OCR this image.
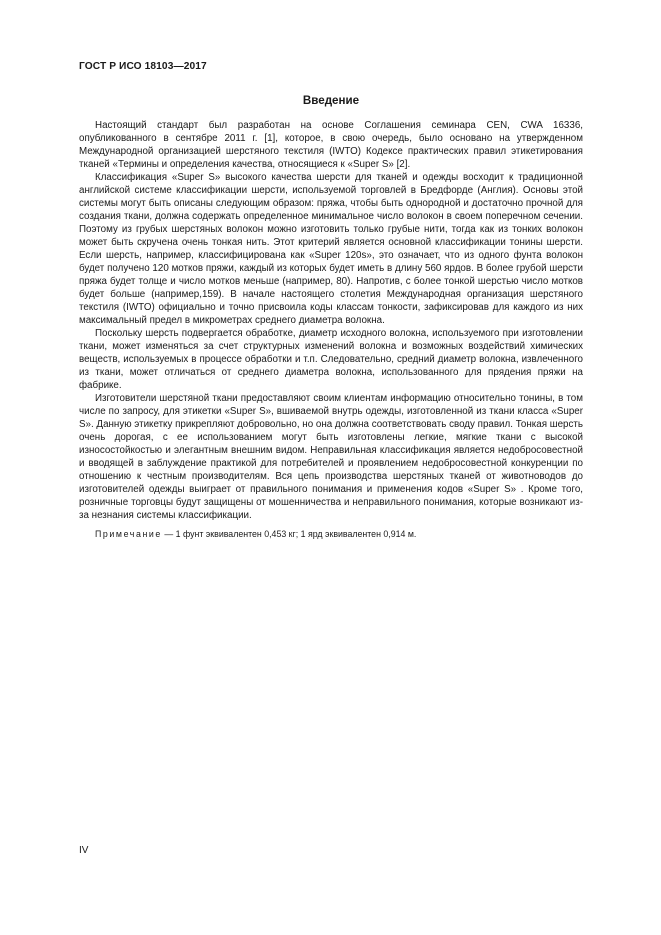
ГОСТ Р ИСО 18103—2017
Введение

Настоящий стандарт был разработан на основе Соглашения семинара CEN, CWA 16336, опубликованного в сентябре 2011 г. [1], которое, в свою очередь, было основано на утвержденном Международной организацией шерстяного текстиля (IWTO) Кодексе практических правил этикетирования тканей «Термины и определения качества, относящиеся к «Super S» [2].

Классификация «Super S» высокого качества шерсти для тканей и одежды восходит к традиционной английской системе классификации шерсти, используемой торговлей в Бредфорде (Англия). Основы этой системы могут быть описаны следующим образом: пряжа, чтобы быть однородной и достаточно прочной для создания ткани, должна содержать определенное минимальное число волокон в своем поперечном сечении. Поэтому из грубых шерстяных волокон можно изготовить только грубые нити, тогда как из тонких волокон может быть скручена очень тонкая нить. Этот критерий является основной классификации тонины шерсти. Если шерсть, например, классифицирована как «Super 120s», это означает, что из одного фунта волокон будет получено 120 мотков пряжи, каждый из которых будет иметь в длину 560 ярдов. В более грубой шерсти пряжа будет толще и число мотков меньше (например, 80). Напротив, с более тонкой шерстью число мотков будет больше (например,159). В начале настоящего столетия Международная организация шерстяного текстиля (IWTO) официально и точно присвоила коды классам тонкости, зафиксировав для каждого из них максимальный предел в микрометрах среднего диаметра волокна.

Поскольку шерсть подвергается обработке, диаметр исходного волокна, используемого при изготовлении ткани, может изменяться за счет структурных изменений волокна и возможных воздействий химических веществ, используемых в процессе обработки и т.п. Следовательно, средний диаметр волокна, извлеченного из ткани, может отличаться от среднего диаметра волокна, использованного для прядения пряжи на фабрике.

Изготовители шерстяной ткани предоставляют своим клиентам информацию относительно тонины, в том числе по запросу, для этикетки «Super S», вшиваемой внутрь одежды, изготовленной из ткани класса «Super S». Данную этикетку прикрепляют добровольно, но она должна соответствовать своду правил. Тонкая шерсть очень дорогая, с ее использованием могут быть изготовлены легкие, мягкие ткани с высокой износостойкостью и элегантным внешним видом. Неправильная классификация является недобросовестной и вводящей в заблуждение практикой для потребителей и проявлением недобросовестной конкуренции по отношению к честным производителям. Вся цепь производства шерстяных тканей от животноводов до изготовителей одежды выиграет от правильного понимания и применения кодов «Super S» . Кроме того, розничные торговцы будут защищены от мошенничества и неправильного понимания, которые возникают из-за незнания системы классификации.

Примечание — 1 фунт эквивалентен 0,453 кг; 1 ярд эквивалентен 0,914 м.

IV
